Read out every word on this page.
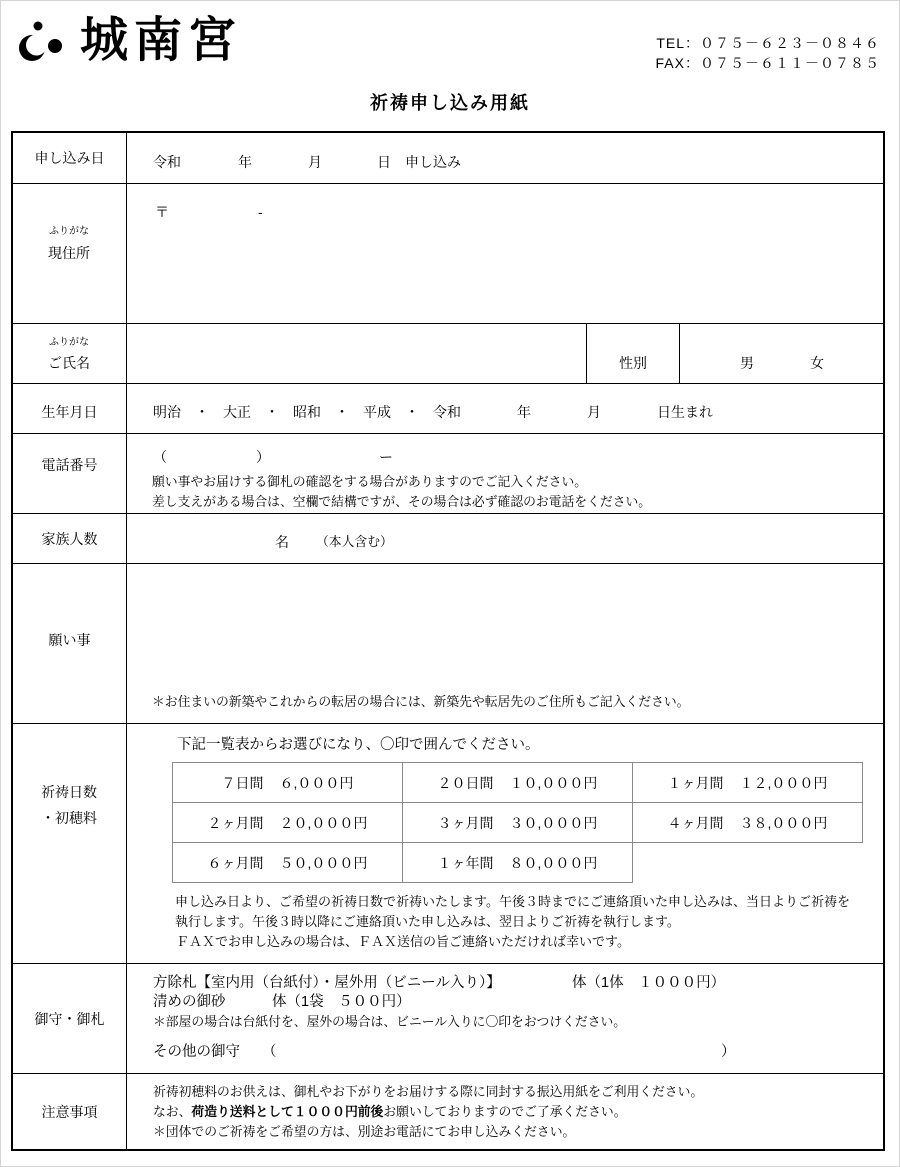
城南宮	TEL：０７５－６２３－０８４６
FAX：０７５－６１１－０７８５
祈祷申し込み用紙
申し込み日	令和	年	月	日 申し込み
ふりがな
現住所
〒	-
ふりがな
ご氏名	性別	男	女
生年月日	明治 ・ 大正 ・ 昭和 ・ 平成 ・ 令和	年	月	日生まれ
電話番号	（	）	ー
願い事やお届けする御札の確認をする場合がありますのでご記入ください。
差し支えがある場合は、空欄で結構ですが、その場合は必ず確認のお電話をください。
家族人数	名 （本人含む）
願い事
＊お住まいの新築やこれからの転居の場合には、新築先や転居先のご住所もご記入ください。
祈祷日数
・初穂料
下記一覧表からお選びになり、〇印で囲んでください。
７日間 ６,０００円	２０日間 １０,０００円	１ヶ月間 １２,０００円
２ヶ月間 ２０,０００円	３ヶ月間 ３０,０００円	４ヶ月間 ３８,０００円
６ヶ月間 ５０,０００円	１ヶ年間 ８０,０００円	
申し込み日より、ご希望の祈祷日数で祈祷いたします。午後３時までにご連絡頂いた申し込みは、当日よりご祈祷を
執行します。午後３時以降にご連絡頂いた申し込みは、翌日よりご祈祷を執行します。
ＦＡＸでお申し込みの場合は、ＦＡＸ送信の旨ご連絡いただければ幸いです。
御守・御札
方除札【室内用（台紙付）・屋外用（ビニール入り）】	体（1体　１０００円）
清めの御砂	体（1袋　５００円）
＊部屋の場合は台紙付を、屋外の場合は、ビニール入りに〇印をおつけください。
その他の御守 （	）
注意事項
祈祷初穂料のお供えは、御札やお下がりをお届けする際に同封する振込用紙をご利用ください。
なお、荷造り送料として１０００円前後お願いしておりますのでご了承ください。
＊団体でのご祈祷をご希望の方は、別途お電話にてお申し込みください。
